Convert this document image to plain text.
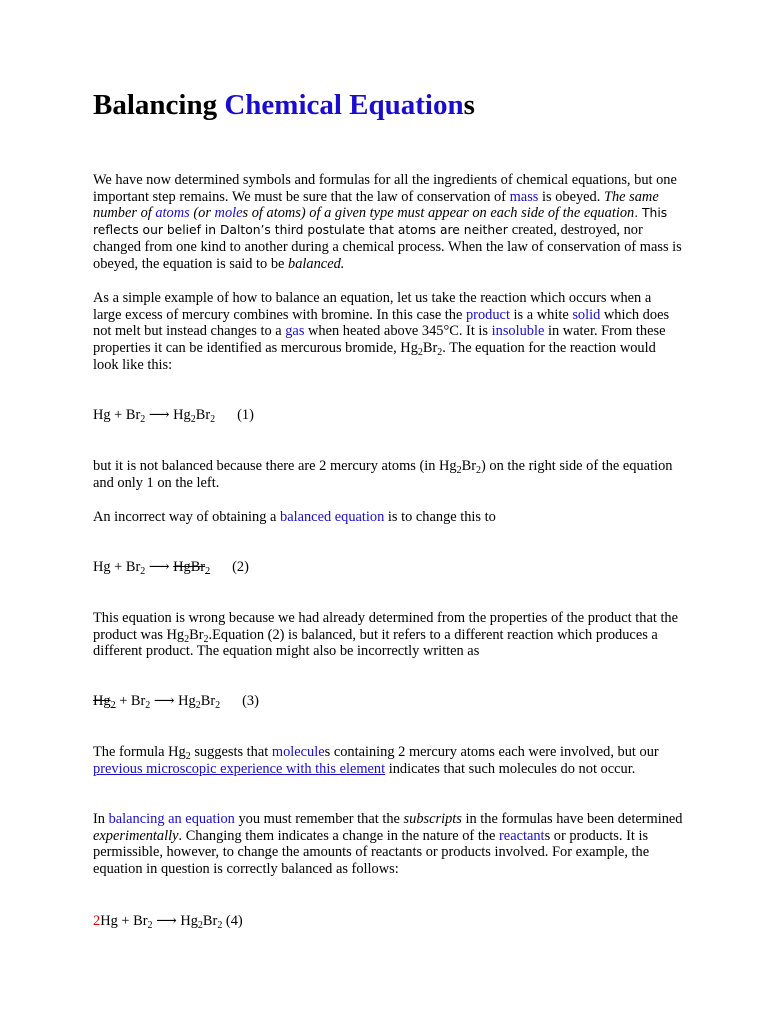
Balancing Chemical Equations

We have now determined symbols and formulas for all the ingredients of chemical equations, but one important step remains. We must be sure that the law of conservation of mass is obeyed. The same number of atoms (or moles of atoms) of a given type must appear on each side of the equation. This reflects our belief in Dalton’s third postulate that atoms are neither created, destroyed, nor changed from one kind to another during a chemical process. When the law of conservation of mass is obeyed, the equation is said to be balanced.

As a simple example of how to balance an equation, let us take the reaction which occurs when a large excess of mercury combines with bromine. In this case the product is a white solid which does not melt but instead changes to a gas when heated above 345°C. It is insoluble in water. From these properties it can be identified as mercurous bromide, $Hg_2Br_2$. The equation for the reaction would look like this:

$Hg + Br_2$ ⟶ $Hg_2Br_2$ (1)

but it is not balanced because there are 2 mercury atoms (in $Hg_2Br_2$) on the right side of the equation and only 1 on the left.

An incorrect way of obtaining a balanced equation is to change this to

$Hg + Br_2$ ⟶ HgBr$_2$ (2)

This equation is wrong because we had already determined from the properties of the product that the product was $Hg_2Br_2.Equation$ (2) is balanced, but it refers to a different reaction which produces a different product. The equation might also be incorrectly written as

$Hg_2 + Br_2$ ⟶ $Hg_2Br_2$ (3)

The formula $Hg_2$ suggests that molecules containing 2 mercury atoms each were involved, but our previous microscopic experience with this element indicates that such molecules do not occur.

In balancing an equation you must remember that the subscripts in the formulas have been determined experimentally. Changing them indicates a change in the nature of the reactants or products. It is permissible, however, to change the amounts of reactants or products involved. For example, the equation in question is correctly balanced as follows:

$2Hg + Br_2$ ⟶ $Hg_2Br_2$ (4)
